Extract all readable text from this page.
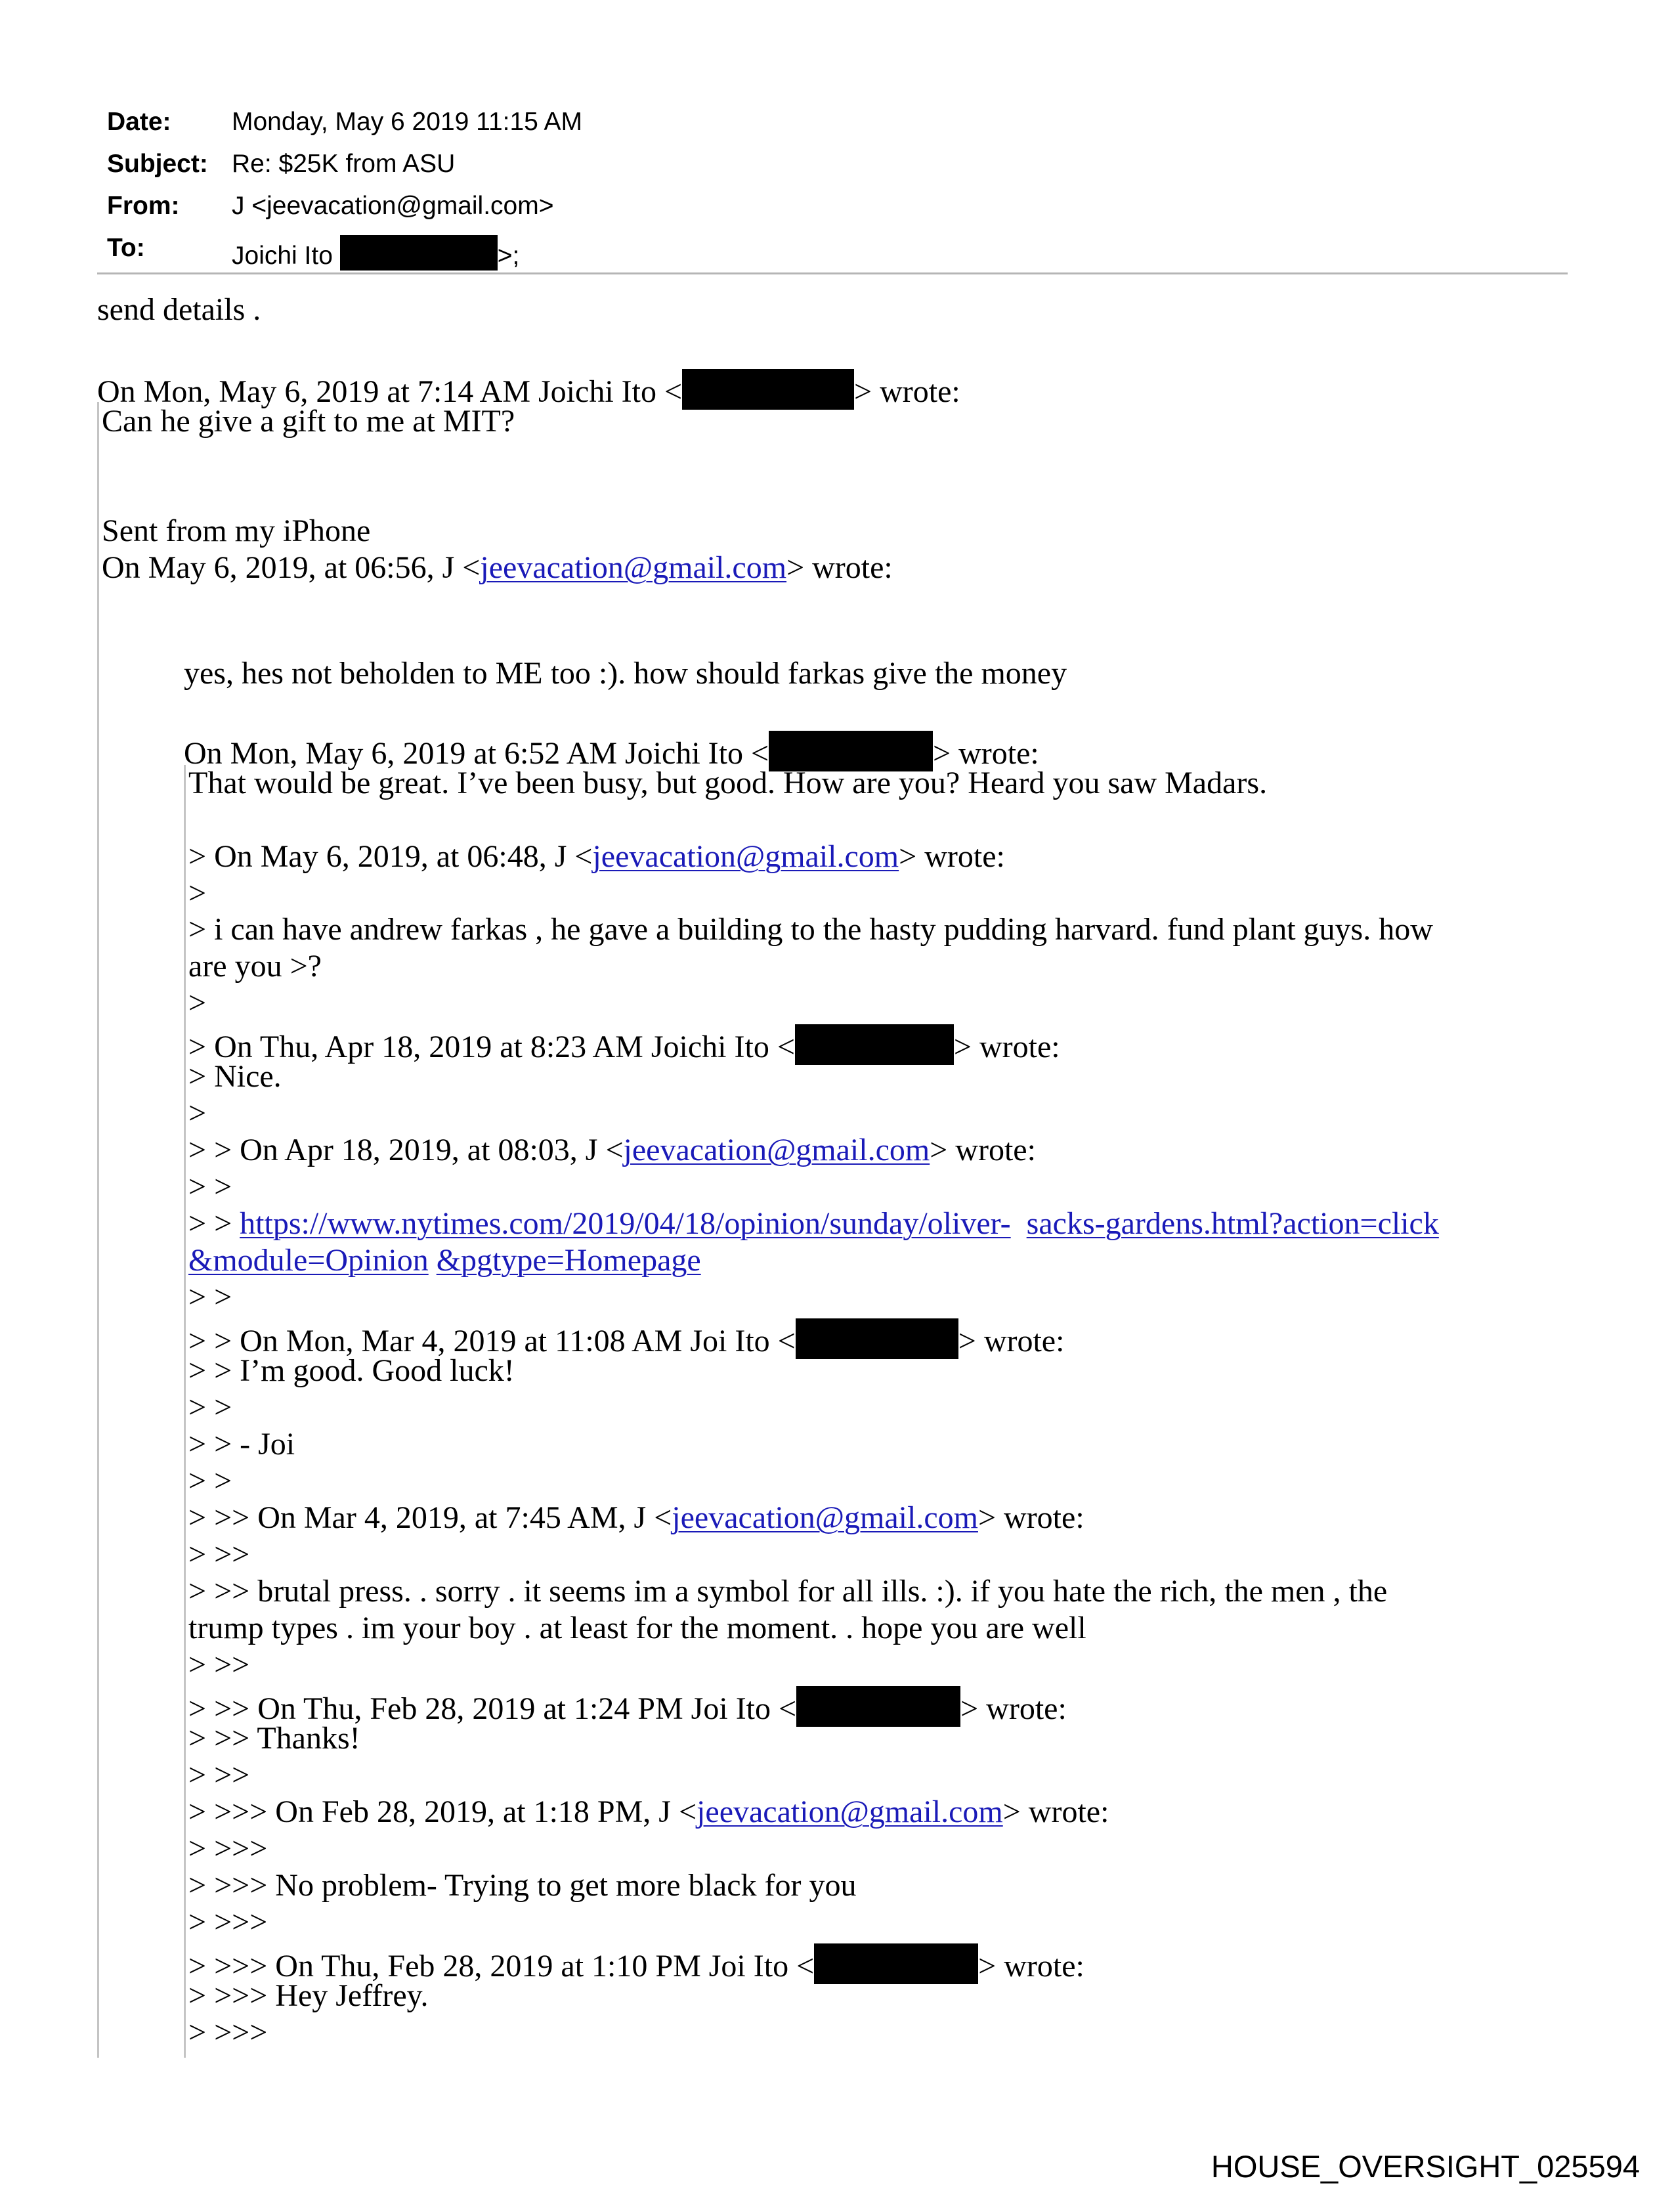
Date: Monday, May 6 2019 11:15 AM
Subject: Re: $25K from ASU
From: J <jeevacation@gmail.com>
To:	Joichi Ito	>;
send details .
On Mon, May 6, 2019 at 7:14 AM Joichi Ito <	> wrote:
Can he give a gift to me at MIT?
Sent from my iPhone
On May 6, 2019, at 06:56, J <jeevacation@gmail.com> wrote:
yes, hes not beholden to ME too :). how should farkas give the money
On Mon, May 6, 2019 at 6:52 AM Joichi Ito <	> wrote:
That would be great. I’ve been busy, but good. How are you? Heard you saw Madars.
> On May 6, 2019, at 06:48, J <jeevacation@gmail.com> wrote:
>
> i can have andrew farkas , he gave a building to the hasty pudding harvard. fund plant guys. how
are you >?
>
> On Thu, Apr 18, 2019 at 8:23 AM Joichi Ito <	> wrote:
> Nice.
>
> > On Apr 18, 2019, at 08:03, J <jeevacation@gmail.com> wrote:
> >
> > https://www.nytimes.com/2019/04/18/opinion/sunday/oliver- sacks-gardens.html?action=click
&module=Opinion &pgtype=Homepage
> >
> > On Mon, Mar 4, 2019 at 11:08 AM Joi Ito <	> wrote:
> > I’m good. Good luck!
> >
> > - Joi
> >
> >> On Mar 4, 2019, at 7:45 AM, J <jeevacation@gmail.com> wrote:
> >>
> >> brutal press. . sorry . it seems im a symbol for all ills. :). if you hate the rich, the men , the
trump types . im your boy . at least for the moment. . hope you are well
> >>
> >> On Thu, Feb 28, 2019 at 1:24 PM Joi Ito <	> wrote:
> >> Thanks!
> >>
> >>> On Feb 28, 2019, at 1:18 PM, J <jeevacation@gmail.com> wrote:
> >>>
> >>> No problem- Trying to get more black for you
> >>>
> >>> On Thu, Feb 28, 2019 at 1:10 PM Joi Ito <	> wrote:
> >>> Hey Jeffrey.
> >>>
HOUSE_OVERSIGHT_025594
